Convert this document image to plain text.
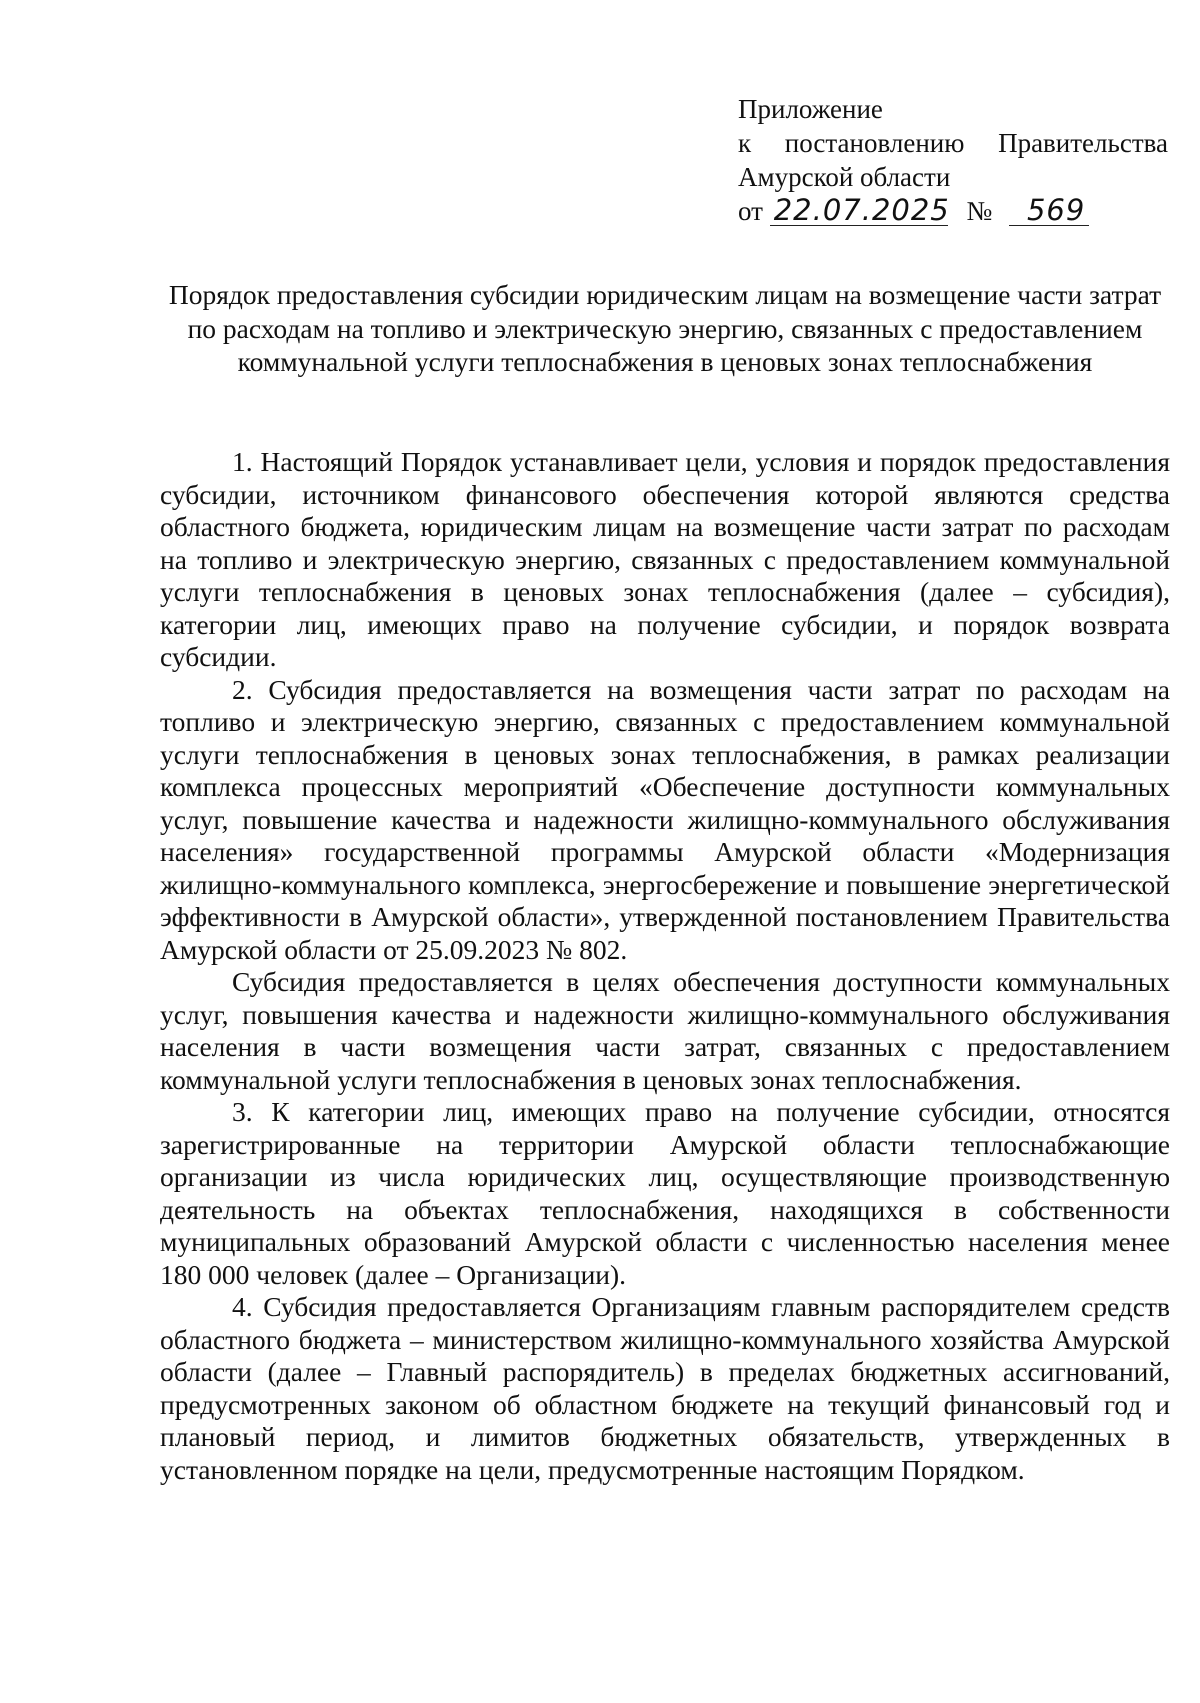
Приложение
к постановлению Правительства
Амурской области
от 22.07.2025 № 569
Порядок предоставления субсидии юридическим лицам на возмещение части затрат по расходам на топливо и электрическую энергию, связанных с предоставлением коммунальной услуги теплоснабжения в ценовых зонах теплоснабжения

1. Настоящий Порядок устанавливает цели, условия и порядок предоставления субсидии, источником финансового обеспечения которой являются средства областного бюджета, юридическим лицам на возмещение части затрат по расходам на топливо и электрическую энергию, связанных с предоставлением коммунальной услуги теплоснабжения в ценовых зонах теплоснабжения (далее – субсидия), категории лиц, имеющих право на получение субсидии, и порядок возврата субсидии.

2. Субсидия предоставляется на возмещения части затрат по расходам на топливо и электрическую энергию, связанных с предоставлением коммунальной услуги теплоснабжения в ценовых зонах теплоснабжения, в рамках реализации комплекса процессных мероприятий «Обеспечение доступности коммунальных услуг, повышение качества и надежности жилищно-коммунального обслуживания населения» государственной программы Амурской области «Модернизация жилищно-коммунального комплекса, энергосбережение и повышение энергетической эффективности в Амурской области», утвержденной постановлением Правительства Амурской области от 25.09.2023 № 802.

Субсидия предоставляется в целях обеспечения доступности коммунальных услуг, повышения качества и надежности жилищно-коммунального обслуживания населения в части возмещения части затрат, связанных с предоставлением коммунальной услуги теплоснабжения в ценовых зонах теплоснабжения.

3. К категории лиц, имеющих право на получение субсидии, относятся зарегистрированные на территории Амурской области теплоснабжающие организации из числа юридических лиц, осуществляющие производственную деятельность на объектах теплоснабжения, находящихся в собственности муниципальных образований Амурской области с численностью населения менее 180 000 человек (далее – Организации).

4. Субсидия предоставляется Организациям главным распорядителем средств областного бюджета – министерством жилищно-коммунального хозяйства Амурской области (далее – Главный распорядитель) в пределах бюджетных ассигнований, предусмотренных законом об областном бюджете на текущий финансовый год и плановый период, и лимитов бюджетных обязательств, утвержденных в установленном порядке на цели, предусмотренные настоящим Порядком.
